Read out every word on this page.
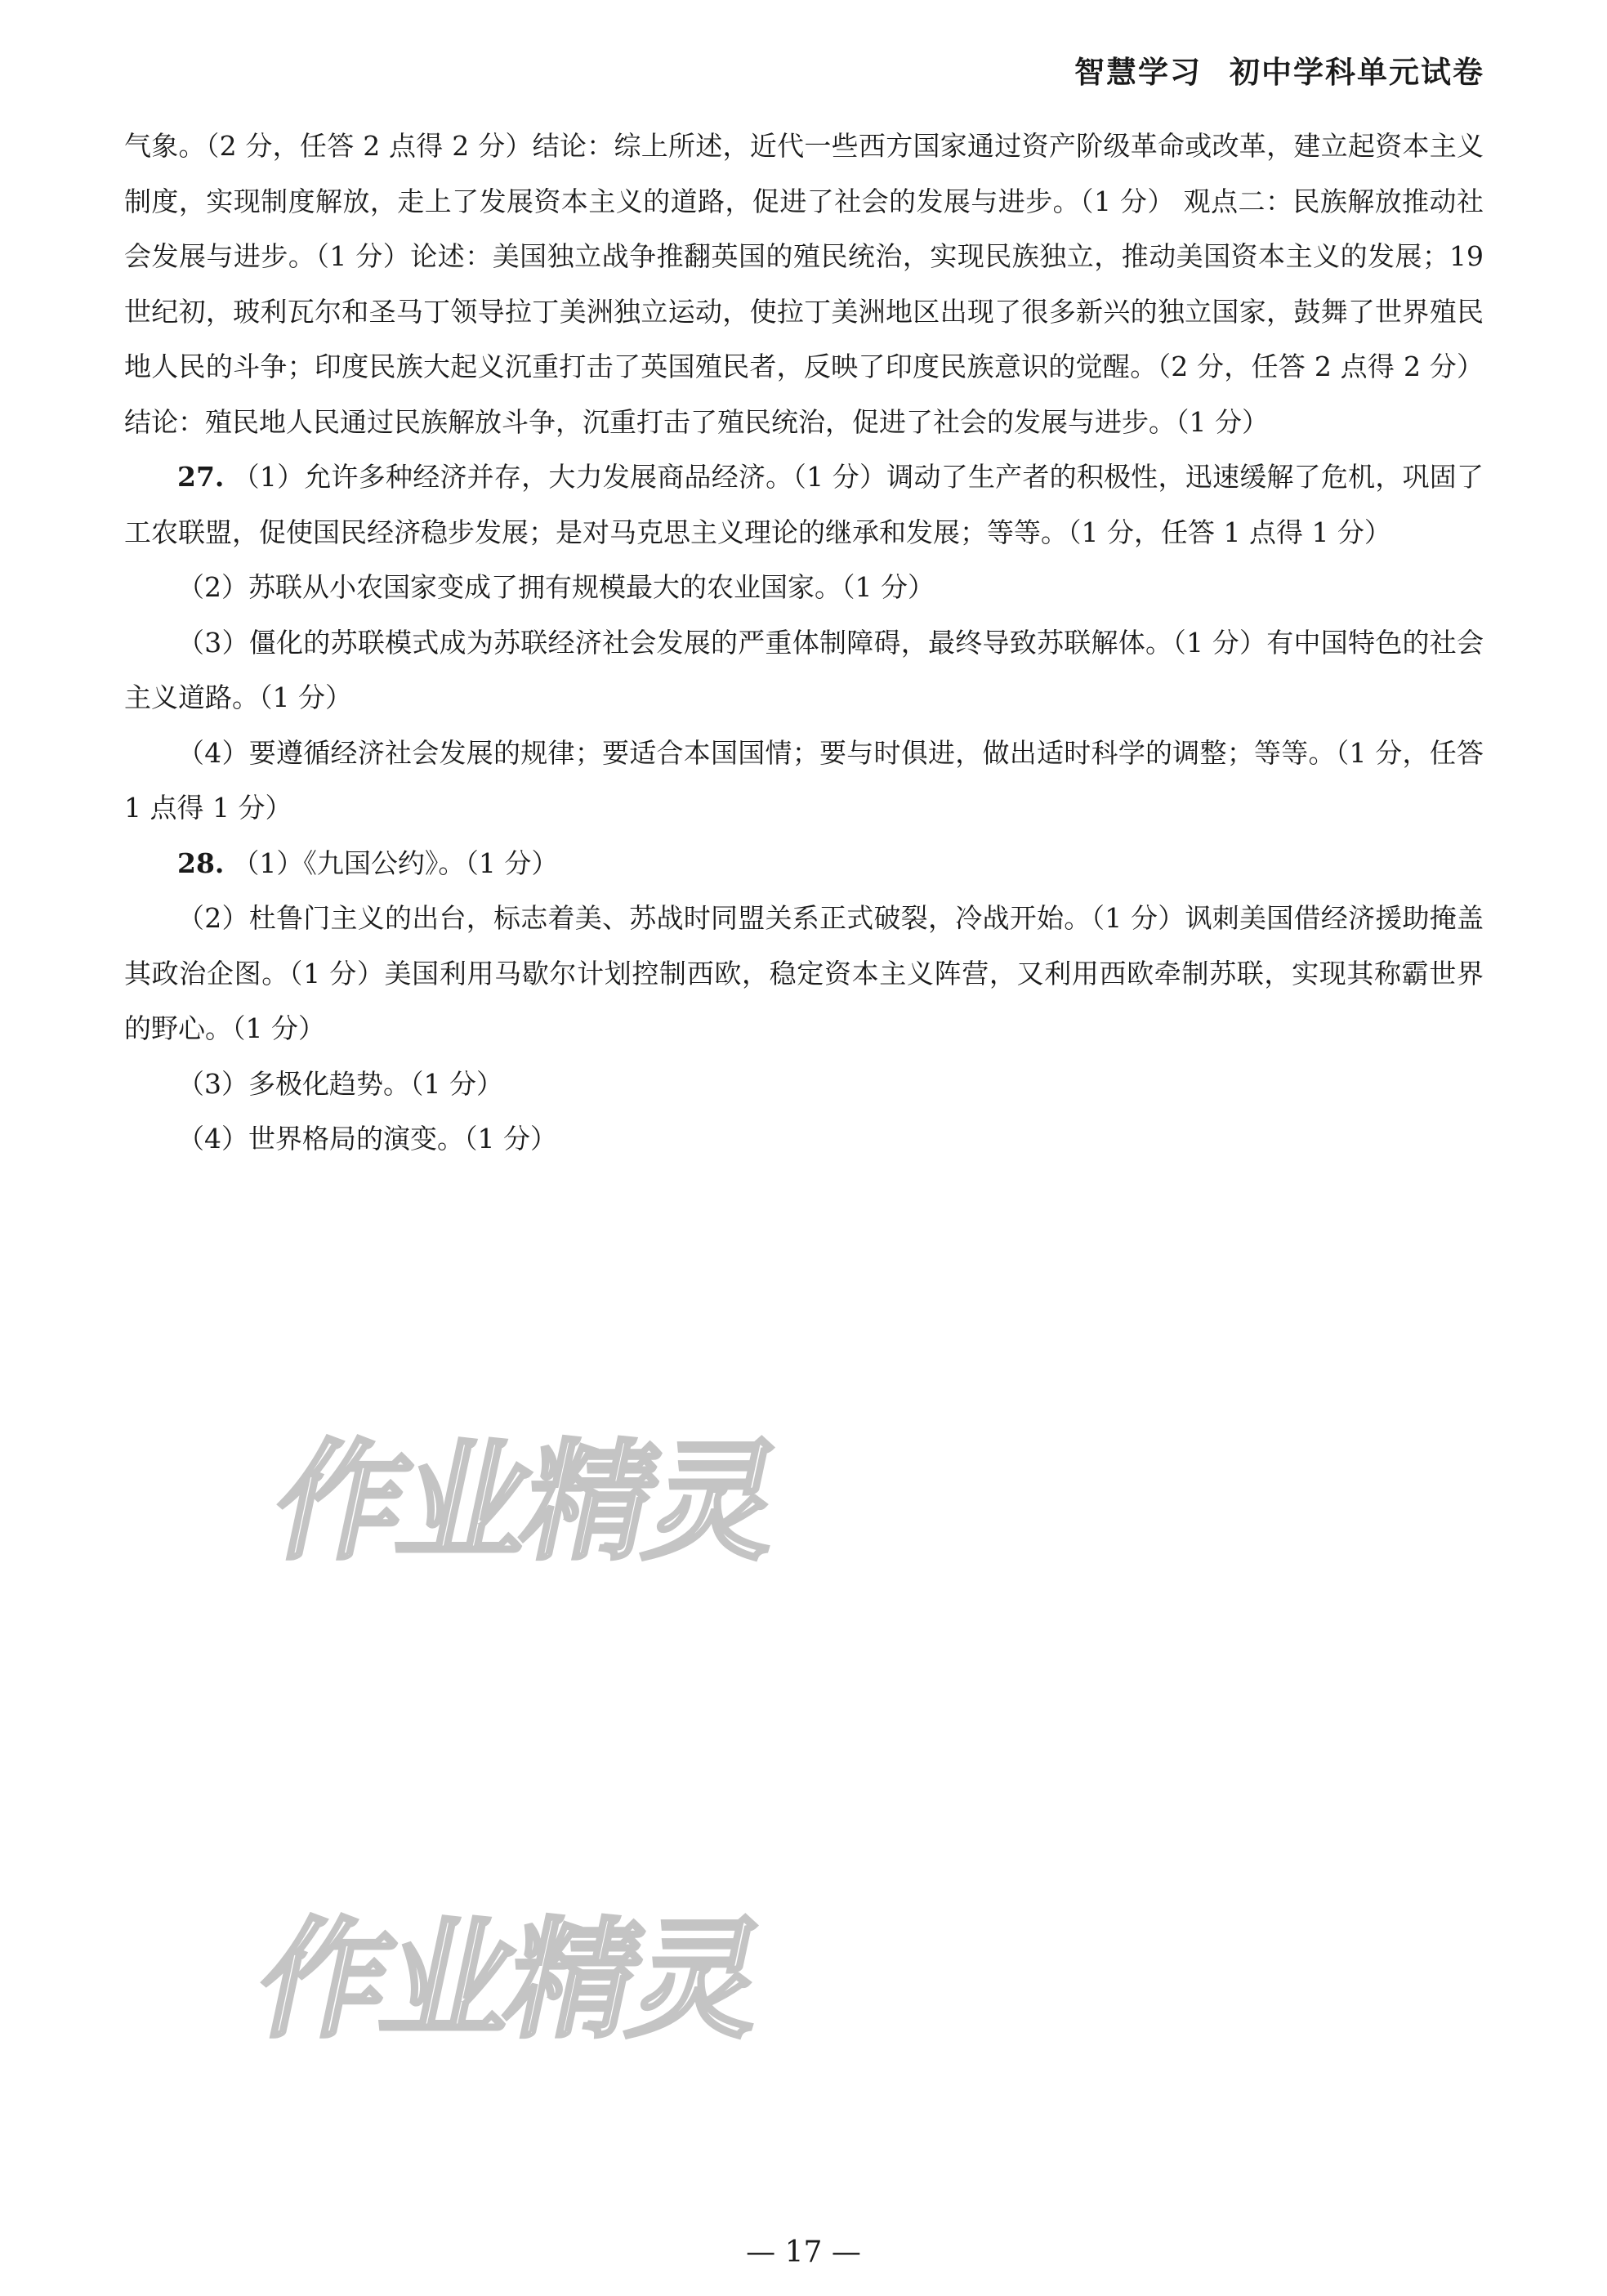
智慧学习 初中学科单元试卷

气象。（2 分，任答 2 点得 2 分）结论：综上所述，近代一些西方国家通过资产阶级革命或改革，建立起资本主义制度，实现制度解放，走上了发展资本主义的道路，促进了社会的发展与进步。（1 分） 观点二：民族解放推动社会发展与进步。（1 分）论述：美国独立战争推翻英国的殖民统治，实现民族独立，推动美国资本主义的发展；19 世纪初，玻利瓦尔和圣马丁领导拉丁美洲独立运动，使拉丁美洲地区出现了很多新兴的独立国家，鼓舞了世界殖民地人民的斗争；印度民族大起义沉重打击了英国殖民者，反映了印度民族意识的觉醒。（2 分，任答 2 点得 2 分）结论：殖民地人民通过民族解放斗争，沉重打击了殖民统治，促进了社会的发展与进步。（1 分）

27. （1）允许多种经济并存，大力发展商品经济。（1 分）调动了生产者的积极性，迅速缓解了危机，巩固了工农联盟，促使国民经济稳步发展；是对马克思主义理论的继承和发展；等等。（1 分，任答 1 点得 1 分）

（2）苏联从小农国家变成了拥有规模最大的农业国家。（1 分）

（3）僵化的苏联模式成为苏联经济社会发展的严重体制障碍，最终导致苏联解体。（1 分）有中国特色的社会主义道路。（1 分）

（4）要遵循经济社会发展的规律；要适合本国国情；要与时俱进，做出适时科学的调整；等等。（1 分，任答 1 点得 1 分）

28. （1）《九国公约》。（1 分）

（2）杜鲁门主义的出台，标志着美、苏战时同盟关系正式破裂，冷战开始。（1 分）讽刺美国借经济援助掩盖其政治企图。（1 分）美国利用马歇尔计划控制西欧，稳定资本主义阵营，又利用西欧牵制苏联，实现其称霸世界的野心。（1 分）

（3）多极化趋势。（1 分）

（4）世界格局的演变。（1 分）

作业精灵
作业精灵
— 17 —
